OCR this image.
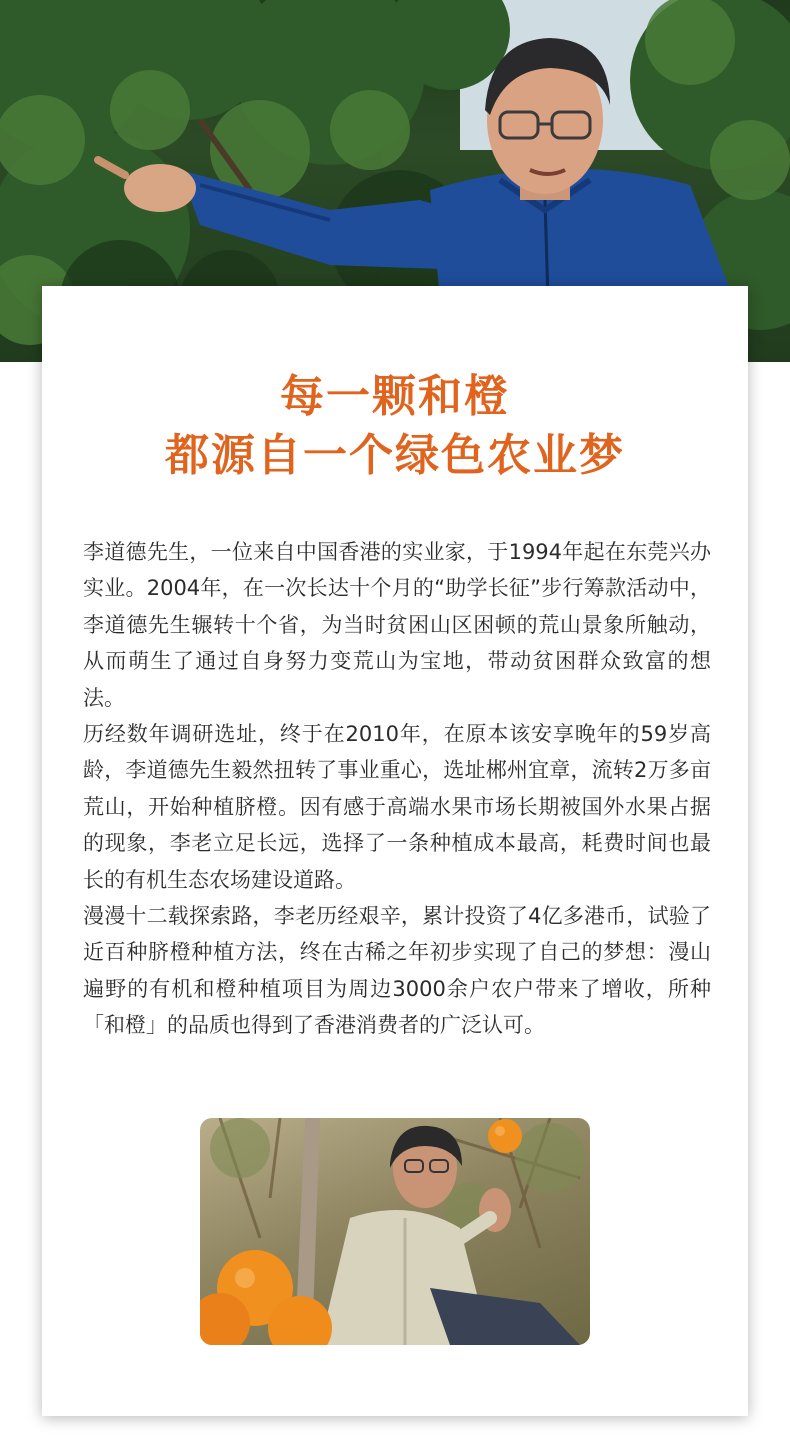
每一颗和橙
都源自一个绿色农业梦

李道德先生，一位来自中国香港的实业家，于1994年起在东莞兴办实业。2004年，在一次长达十个月的“助学长征”步行筹款活动中，李道德先生辗转十个省，为当时贫困山区困顿的荒山景象所触动，从而萌生了通过自身努力变荒山为宝地，带动贫困群众致富的想法。

历经数年调研选址，终于在2010年，在原本该安享晚年的59岁高龄，李道德先生毅然扭转了事业重心，选址郴州宜章，流转2万多亩荒山，开始种植脐橙。因有感于高端水果市场长期被国外水果占据的现象，李老立足长远，选择了一条种植成本最高，耗费时间也最长的有机生态农场建设道路。

漫漫十二载探索路，李老历经艰辛，累计投资了4亿多港币，试验了近百种脐橙种植方法，终在古稀之年初步实现了自己的梦想：漫山遍野的有机和橙种植项目为周边3000余户农户带来了增收，所种「和橙」的品质也得到了香港消费者的广泛认可。
